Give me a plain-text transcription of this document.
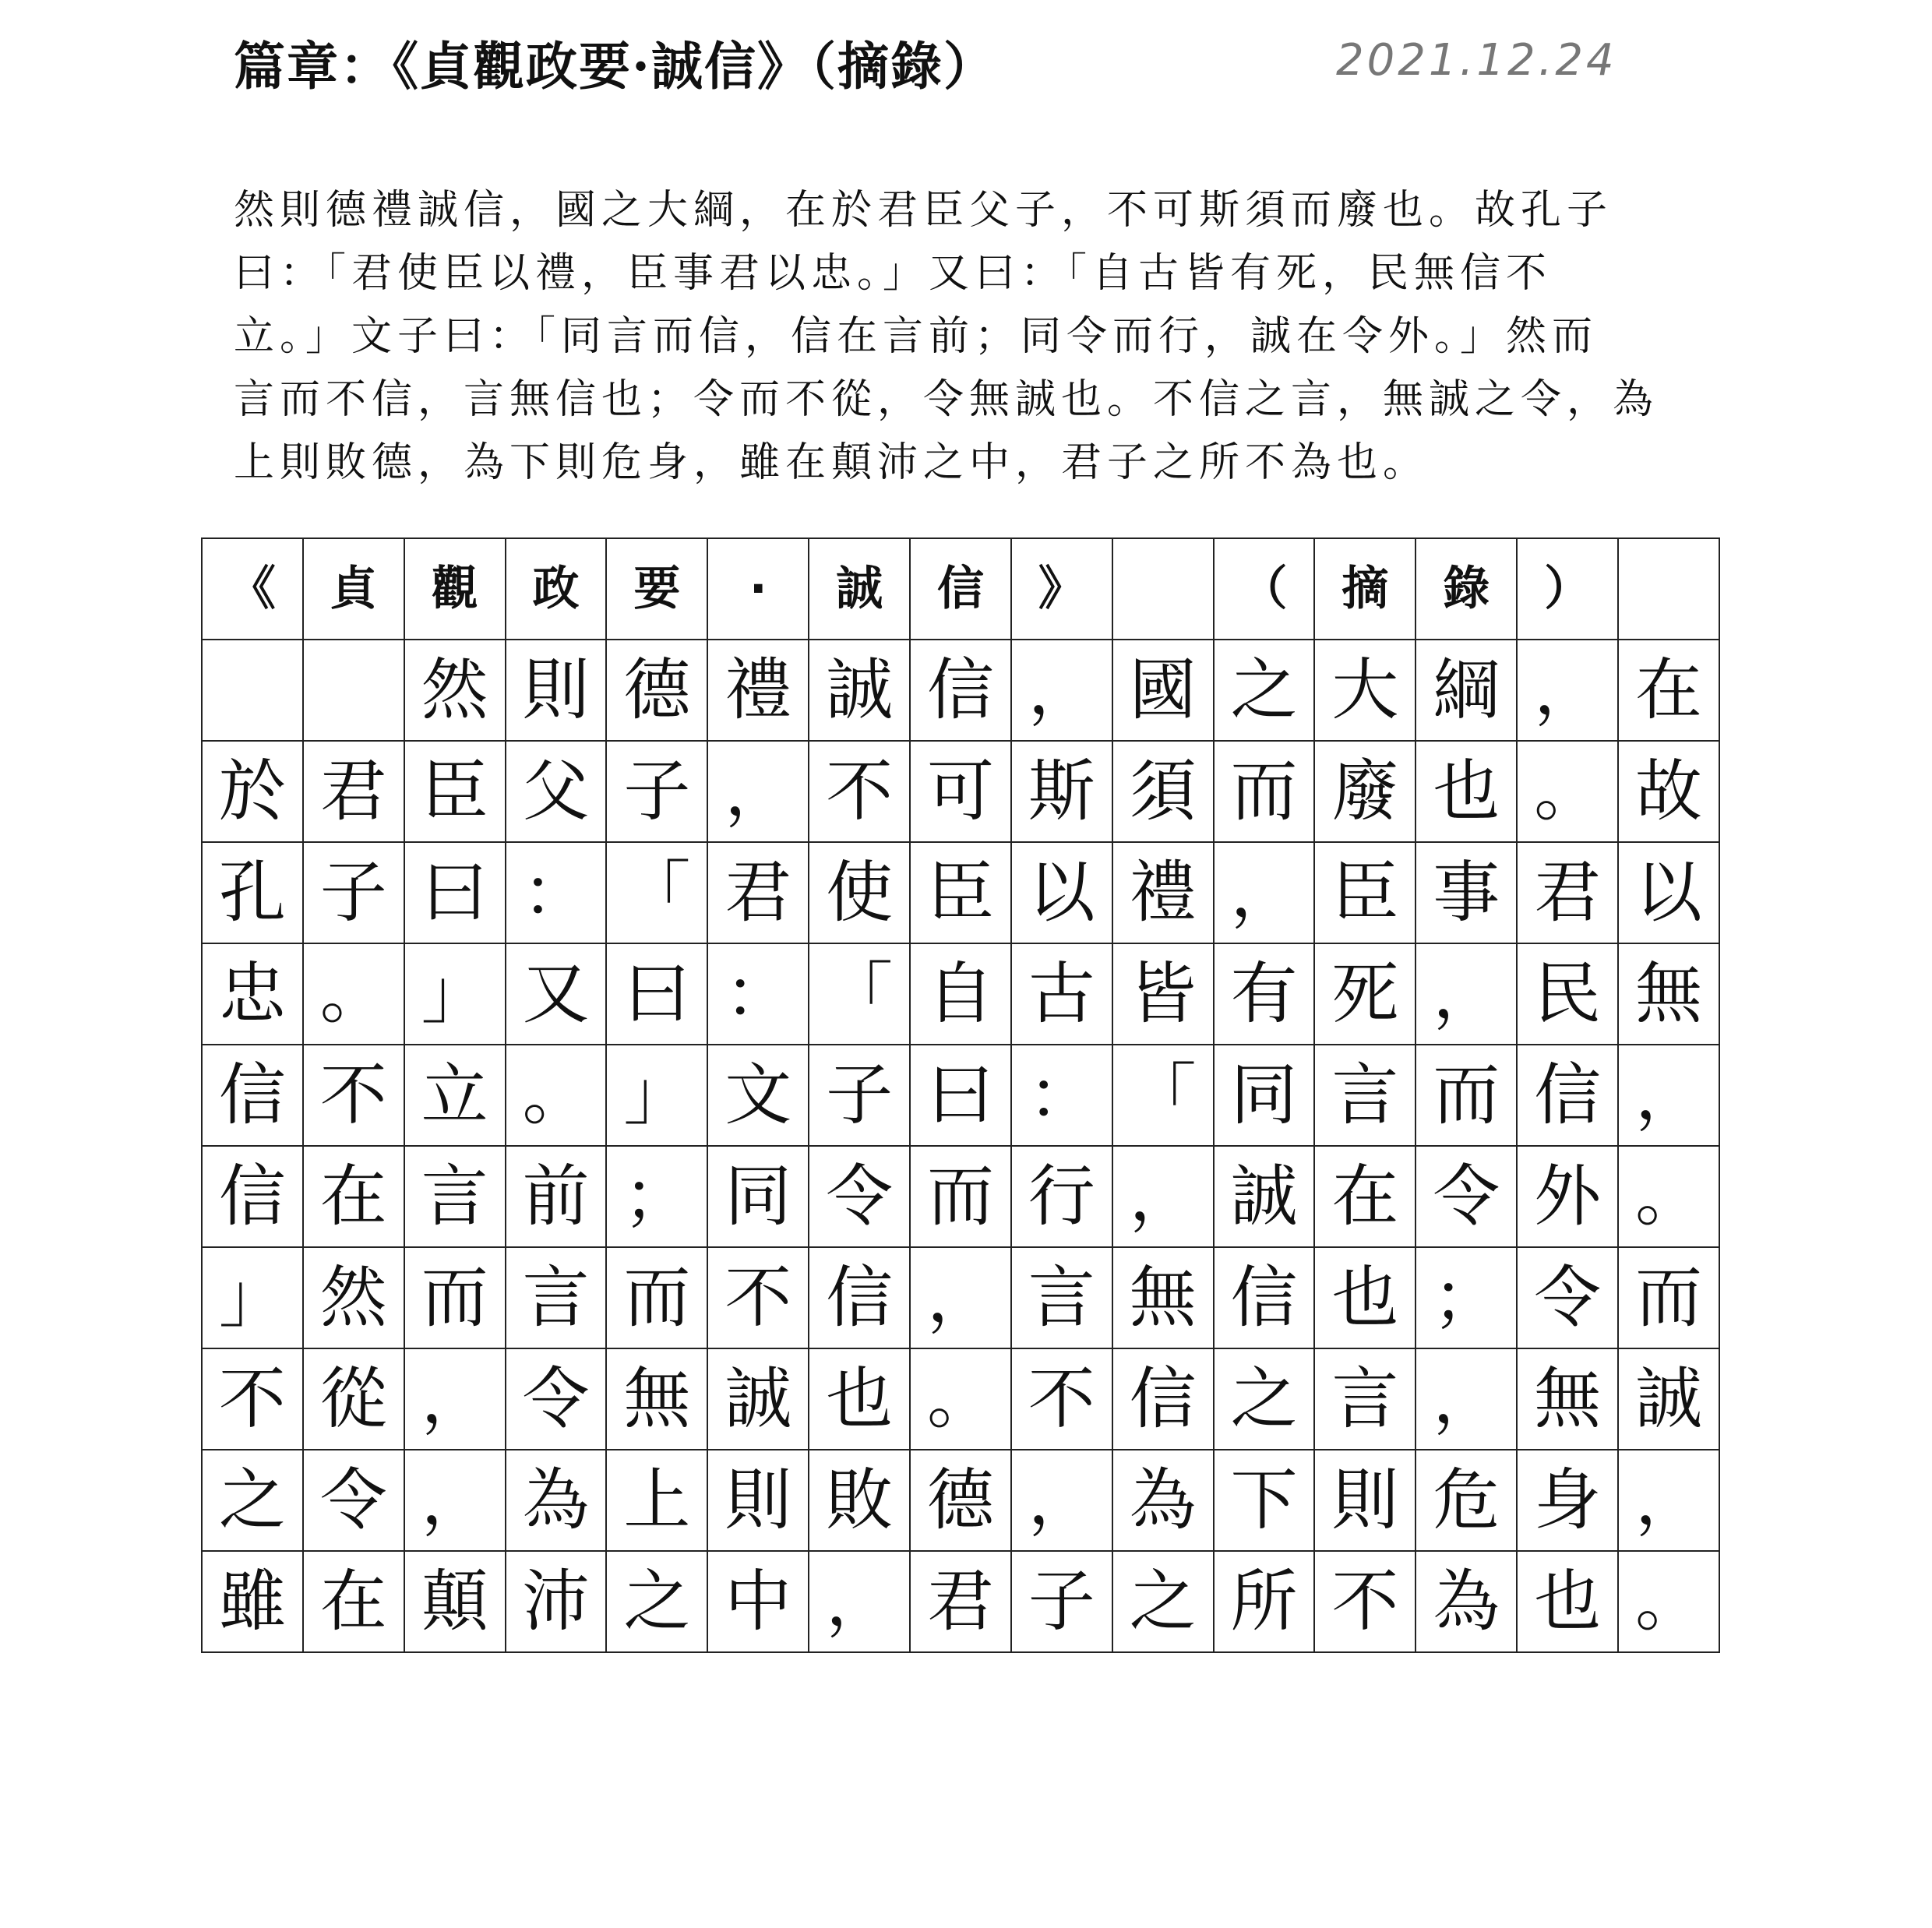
篇章：《貞觀政要·誠信》（摘錄）	2021.12.24

然則德禮誠信，國之大綱，在於君臣父子，不可斯須而廢也。故孔子

曰：「君使臣以禮，臣事君以忠。」又曰：「自古皆有死，民無信不

立。」文子曰：「同言而信，信在言前；同令而行，誠在令外。」然而

言而不信，言無信也；令而不從，令無誠也。不信之言，無誠之令，為

上則敗德，為下則危身，雖在顛沛之中，君子之所不為也。

《	貞	觀	政	要	·	誠	信	》		（	摘	錄	）	
		然	則	德	禮	誠	信	，	國	之	大	綱	，	在
於	君	臣	父	子	，	不	可	斯	須	而	廢	也	。	故
孔	子	曰	：	「	君	使	臣	以	禮	，	臣	事	君	以
忠	。	」	又	曰	：	「	自	古	皆	有	死	，	民	無
信	不	立	。	」	文	子	曰	：	「	同	言	而	信	，
信	在	言	前	；	同	令	而	行	，	誠	在	令	外	。
」	然	而	言	而	不	信	，	言	無	信	也	；	令	而
不	從	，	令	無	誠	也	。	不	信	之	言	，	無	誠
之	令	，	為	上	則	敗	德	，	為	下	則	危	身	，
雖	在	顛	沛	之	中	，	君	子	之	所	不	為	也	。
